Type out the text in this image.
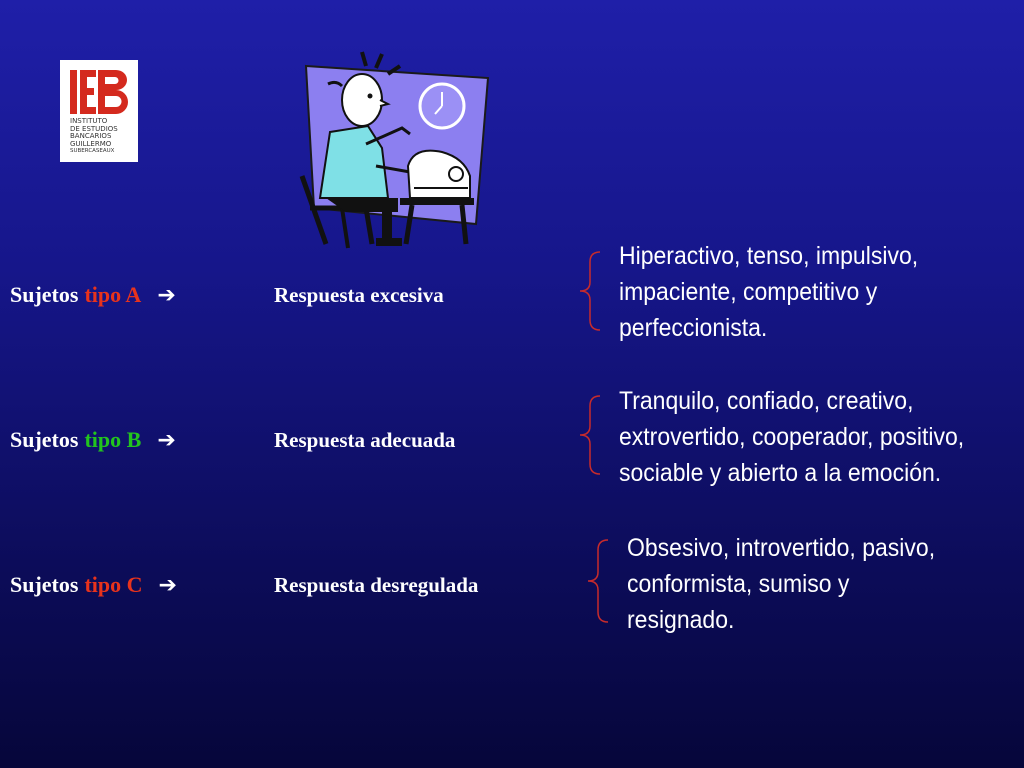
INSTITUTO
DE ESTUDIOS
BANCARIOS
GUILLERMO
SUBERCASEAUX
Sujetos tipo A ➔	Respuesta excesiva
Hiperactivo, tenso, impulsivo,
impaciente, competitivo y
perfeccionista.
Sujetos tipo B ➔	Respuesta adecuada
Tranquilo, confiado, creativo,
extrovertido, cooperador, positivo,
sociable y abierto a la emoción.
Sujetos tipo C ➔	Respuesta desregulada
Obsesivo, introvertido, pasivo,
conformista, sumiso y
resignado.
